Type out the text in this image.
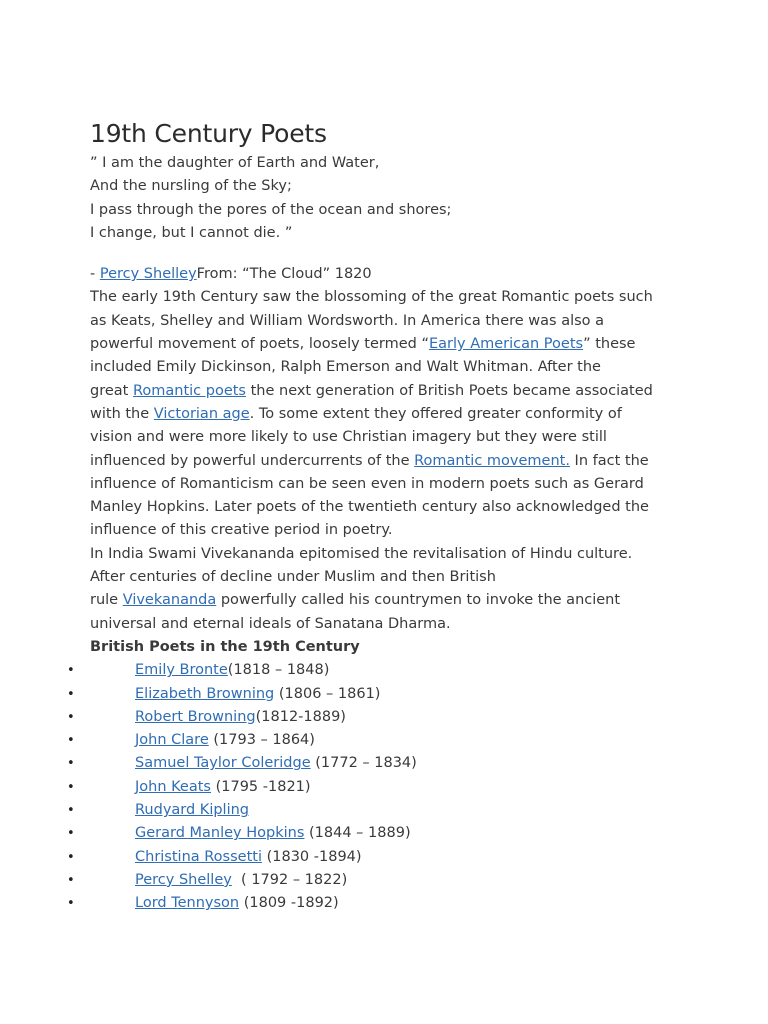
19th Century Poets
” I am the daughter of Earth and Water,
And the nursling of the Sky;
I pass through the pores of the ocean and shores;
I change, but I cannot die. ”
- Percy ShelleyFrom: “The Cloud” 1820
The early 19th Century saw the blossoming of the great Romantic poets such
as Keats, Shelley and William Wordsworth. In America there was also a
powerful movement of poets, loosely termed “Early American Poets” these
included Emily Dickinson, Ralph Emerson and Walt Whitman. After the
great Romantic poets the next generation of British Poets became associated
with the Victorian age. To some extent they offered greater conformity of
vision and were more likely to use Christian imagery but they were still
influenced by powerful undercurrents of the Romantic movement. In fact the
influence of Romanticism can be seen even in modern poets such as Gerard
Manley Hopkins. Later poets of the twentieth century also acknowledged the
influence of this creative period in poetry.
In India Swami Vivekananda epitomised the revitalisation of Hindu culture.
After centuries of decline under Muslim and then British
rule Vivekananda powerfully called his countrymen to invoke the ancient
universal and eternal ideals of Sanatana Dharma.
British Poets in the 19th Century
•	Emily Bronte(1818 – 1848)
•	Elizabeth Browning (1806 – 1861)
•	Robert Browning(1812-1889)
•	John Clare (1793 – 1864)
•	Samuel Taylor Coleridge (1772 – 1834)
•	John Keats (1795 -1821)
•	Rudyard Kipling
•	Gerard Manley Hopkins (1844 – 1889)
•	Christina Rossetti (1830 -1894)
•	Percy Shelley  ( 1792 – 1822)
•	Lord Tennyson (1809 -1892)
